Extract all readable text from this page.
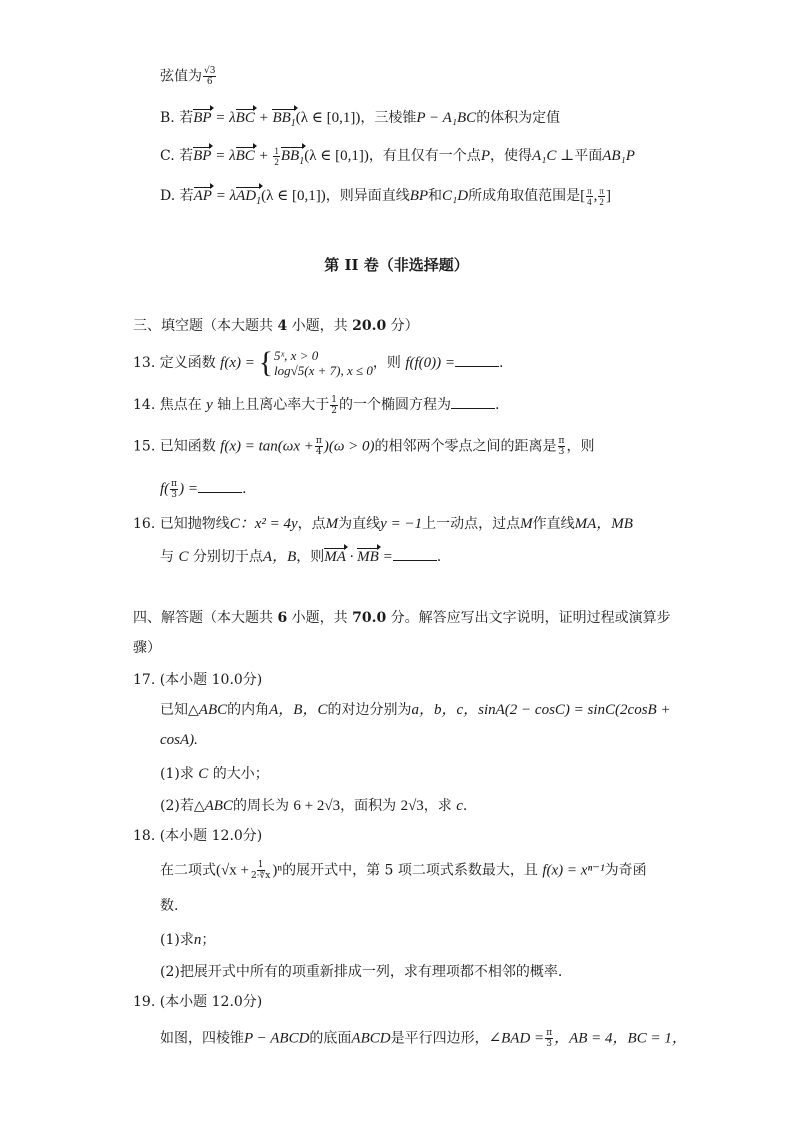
弦值为 $\frac{√3}{6}$
B. 若BP = $\lambda BC + BB_1(\lambda$ ∈ [0,1])，三棱锥P − A₁BC的体积为定值
C. 若BP = $\lambda BC + \frac{1}{2} BB_1(\lambda$ ∈ [0,1])，有且仅有一个点P，使得A₁C ⊥平面AB₁P
D. 若AP = λAD$_1$(λ ∈ [0,1])，则异面直线BP和C₁D所成角取值范围是[ $\frac{\pi}{4}$ , $\frac{\pi}{2}$ ]
第 II 卷（非选择题）
三、填空题（本大题共 4 小题，共 20.0 分）
13. 定义函数 f(x) = { 5ˣ, x > 0
log√5(x + 7), x ≤ 0 ，则 f(f(0)) =	.
14. 焦点在 y 轴上且离心率大于 $\frac{1}{2}$ 的一个椭圆方程为	.
15. 已知函数 $f(x) = \tan(\omega x + \frac{\pi}{4} )(\omega > 0)$的相邻两个零点之间的距离是 $\frac{\pi}{3}$ ，则
$f( \frac{\pi}{3}$ ) =	.
16. 已知抛物线C：x² = 4y，点M为直线y = −1上一动点，过点M作直线MA，MB
与 C 分别切于点A，B，则MA · MB =	.
四、解答题（本大题共 6 小题，共 70.0 分。解答应写出文字说明，证明过程或演算步
骤）
17. (本小题 10.0分)
已知△ABC的内角A，B，C的对边分别为a，b，c，sinA(2 − cosC) = sinC(2cosB +
cosA).
(1)求 C 的大小；
(2)若△ABC的周长为 6 + 2√3，面积为 2√3，求 c.
18. (本小题 12.0分)
在二项式$(√x + \frac{1}{2\cdot∜x} )^n$的展开式中，第 5 项二项式系数最大，且 f(x) = xⁿ⁻¹为奇函
数.
(1)求n；
(2)把展开式中所有的项重新排成一列，求有理项都不相邻的概率.
19. (本小题 12.0分)
如图，四棱锥P − ABCD的底面ABCD是平行四边形，∠BAD = $\frac{\pi}{3}$ ，AB = 4，BC = 1，
